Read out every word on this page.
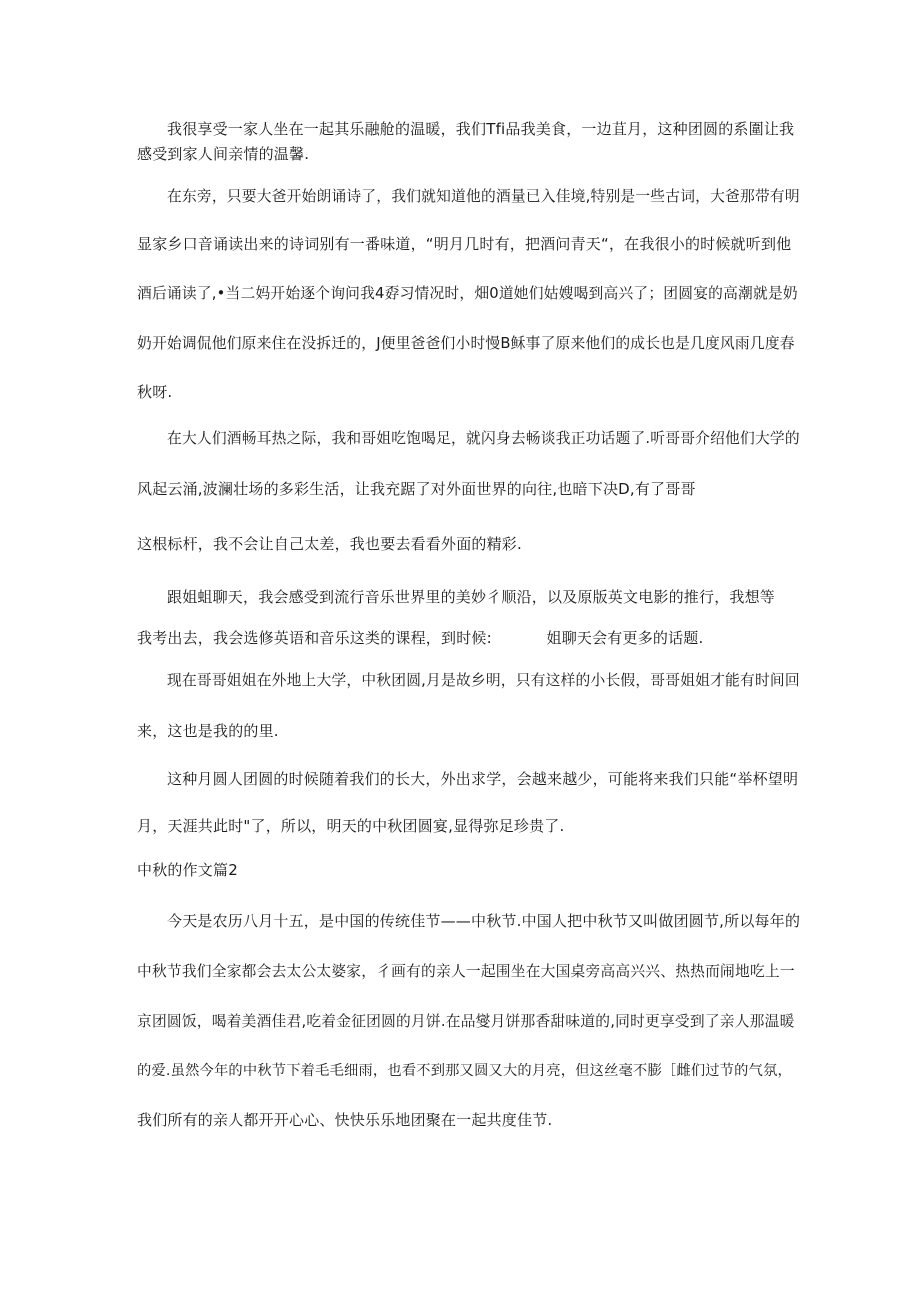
我很享受一家人坐在一起其乐融舱的温暖，我们Tfi品我美食，一边苴月，这种团圆的系圍让我
感受到家人间亲情的温馨.
在东旁，只要大爸开始朗诵诗了，我们就知道他的酒量已入佳境,特别是一些古词，大爸那带有明
显家乡口音诵读出来的诗词别有一番味道，“明月几时有，把酒问青天“，在我很小的时候就听到他
酒后诵读了,•当二妈开始逐个询问我4孬习情况时，畑0道她们姑嫂喝到高兴了；团圆宴的高潮就是奶
奶开始调侃他们原来住在没拆迁的，J便里爸爸们小时慢B稣事了原来他们的成长也是几度风雨几度春
秋呀.
在大人们酒畅耳热之际，我和哥姐吃饱喝足，就闪身去畅谈我正功话题了.听哥哥介绍他们大学的
风起云涌,波澜壮场的多彩生活，让我充踞了对外面世界的向往,也暗下决D,有了哥哥
这根标杆，我不会让自己太差，我也要去看看外面的精彩.
跟姐蛆聊天，我会感受到流行音乐世界里的美妙彳顺沿，以及原版英文电影的推行，我想等
我考出去，我会选修英语和音乐这类的课程，到时候:           姐聊天会有更多的话题.
现在哥哥姐姐在外地上大学，中秋团圆,月是故乡明，只有这样的小长假，哥哥姐姐才能有时间回
来，这也是我的的里.
这种月圆人团圆的时候随着我们的长大，外出求学，会越来越少，可能将来我们只能“举杯望明
月，天涯共此时"了，所以，明天的中秋团圆宴,显得弥足珍贵了.
中秋的作文篇2
今天是农历八月十五，是中国的传统佳节——中秋节.中国人把中秋节又叫做团圆节,所以每年的
中秋节我们全家都会去太公太婆家，彳画有的亲人一起围坐在大国桌旁高高兴兴、热热而闹地吃上一
京团圆饭，喝着美酒佳君,吃着金征团圆的月饼.在品燮月饼那香甜味道的,同时更享受到了亲人那温暖
的爱.虽然今年的中秋节下着毛毛细雨，也看不到那又圆又大的月亮，但这丝毫不膨［雌们过节的气氛，
我们所有的亲人都开开心心、快快乐乐地团聚在一起共度佳节.
